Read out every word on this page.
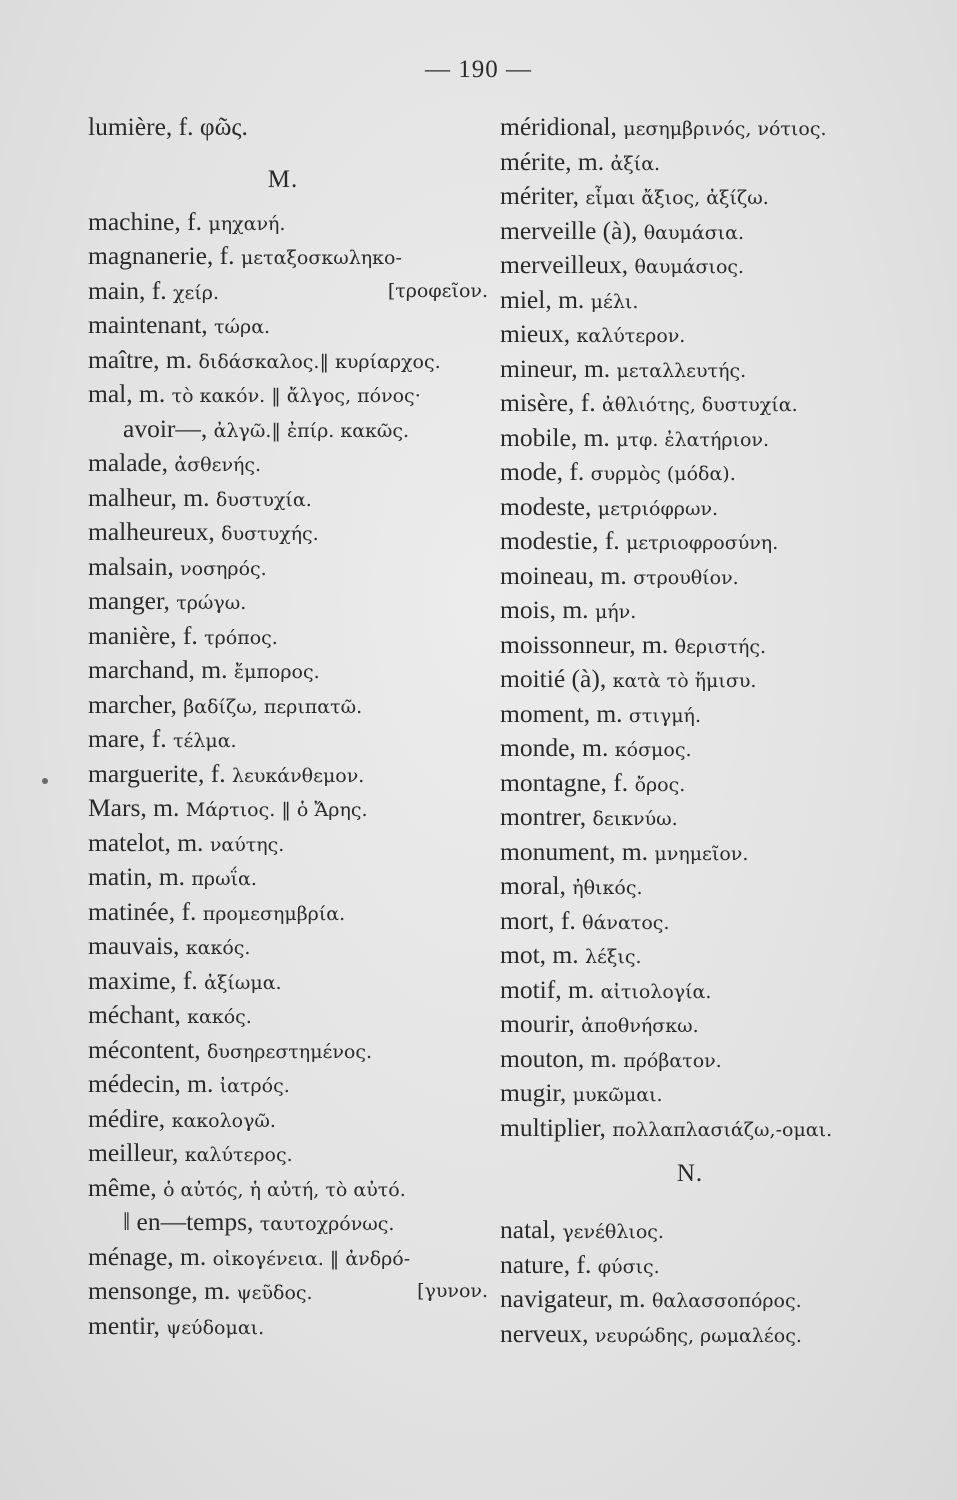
— 190 —
lumière, f. φῶς.
M.
machine, f. μηχανή.
magnanerie, f. μεταξοσκωληκο-
main, f. χείρ.	[τροφεῖον.
maintenant, τώρα.
maître, m. διδάσκαλος.‖ κυρίαρχος.
mal, m. τὸ κακόν. ‖ ἄλγος, πόνος·
avoir—, ἀλγῶ.‖ ἐπίρ. κακῶς.
malade, ἀσθενής.
malheur, m. δυστυχία.
malheureux, δυστυχής.
malsain, νοσηρός.
manger, τρώγω.
manière, f. τρόπος.
marchand, m. ἔμπορος.
marcher, βαδίζω, περιπατῶ.
mare, f. τέλμα.
marguerite, f. λευκάνθεμον.
Mars, m. Μάρτιος. ‖ ὁ Ἄρης.
matelot, m. ναύτης.
matin, m. πρωΐα.
matinée, f. προμεσημβρία.
mauvais, κακός.
maxime, f. ἀξίωμα.
méchant, κακός.
mécontent, δυσηρεστημένος.
médecin, m. ἰατρός.
médire, κακολογῶ.
meilleur, καλύτερος.
même, ὁ αὐτός, ἡ αὐτή, τὸ αὐτό.
‖ en—temps, ταυτοχρόνως.
ménage, m. οἰκογένεια. ‖ ἀνδρό-
mensonge, m. ψεῦδος.	[γυνον.
mentir, ψεύδομαι.
méridional, μεσημβρινός, νότιος.
mérite, m. ἀξία.
mériter, εἶμαι ἄξιος, ἀξίζω.
merveille (à), θαυμάσια.
merveilleux, θαυμάσιος.
miel, m. μέλι.
mieux, καλύτερον.
mineur, m. μεταλλευτής.
misère, f. ἀθλιότης, δυστυχία.
mobile, m. μτφ. ἐλατήριον.
mode, f. συρμὸς (μόδα).
modeste, μετριόφρων.
modestie, f. μετριοφροσύνη.
moineau, m. στρουθίον.
mois, m. μήν.
moissonneur, m. θεριστής.
moitié (à), κατὰ τὸ ἥμισυ.
moment, m. στιγμή.
monde, m. κόσμος.
montagne, f. ὄρος.
montrer, δεικνύω.
monument, m. μνημεῖον.
moral, ἠθικός.
mort, f. θάνατος.
mot, m. λέξις.
motif, m. αἰτιολογία.
mourir, ἀποθνήσκω.
mouton, m. πρόβατον.
mugir, μυκῶμαι.
multiplier, πολλαπλασιάζω,-ομαι.
N.
natal, γενέθλιος.
nature, f. φύσις.
navigateur, m. θαλασσοπόρος.
nerveux, νευρώδης, ρωμαλέος.
